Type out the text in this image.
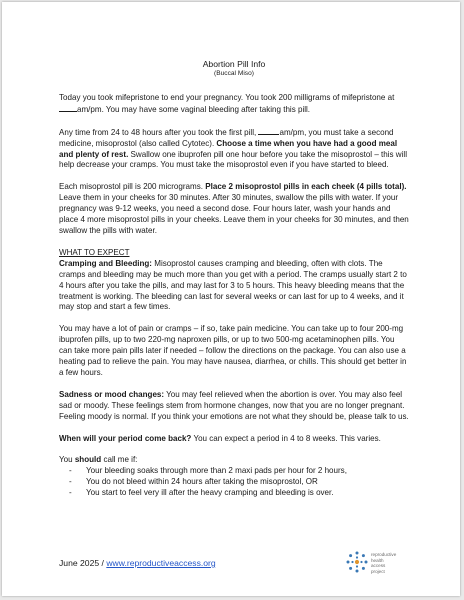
Abortion Pill Info
(Buccal Miso)

Today you took mifepristone to end your pregnancy. You took 200 milligrams of mifepristone at am/pm. You may have some vaginal bleeding after taking this pill.

Any time from 24 to 48 hours after you took the first pill,	am/pm, you must take a second medicine, misoprostol (also called Cytotec). Choose a time when you have had a good meal and plenty of rest. Swallow one ibuprofen pill one hour before you take the misoprostol – this will help decrease your cramps. You must take the misoprostol even if you have started to bleed.

Each misoprostol pill is 200 micrograms. Place 2 misoprostol pills in each cheek (4 pills total). Leave them in your cheeks for 30 minutes. After 30 minutes, swallow the pills with water. If your pregnancy was 9-12 weeks, you need a second dose. Four hours later, wash your hands and place 4 more misoprostol pills in your cheeks. Leave them in your cheeks for 30 minutes, and then swallow the pills with water.

WHAT TO EXPECT

Cramping and Bleeding: Misoprostol causes cramping and bleeding, often with clots. The cramps and bleeding may be much more than you get with a period. The cramps usually start 2 to 4 hours after you take the pills, and may last for 3 to 5 hours. This heavy bleeding means that the treatment is working. The bleeding can last for several weeks or can last for up to 4 weeks, and it may stop and start a few times.

You may have a lot of pain or cramps – if so, take pain medicine. You can take up to four 200-mg ibuprofen pills, up to two 220-mg naproxen pills, or up to two 500-mg acetaminophen pills. You can take more pain pills later if needed – follow the directions on the package. You can also use a heating pad to relieve the pain. You may have nausea, diarrhea, or chills. This should get better in a few hours.

Sadness or mood changes: You may feel relieved when the abortion is over. You may also feel sad or moody. These feelings stem from hormone changes, now that you are no longer pregnant. Feeling moody is normal. If you think your emotions are not what they should be, please talk to us.

When will your period come back? You can expect a period in 4 to 8 weeks. This varies.

You should call me if:
- Your bleeding soaks through more than 2 maxi pads per hour for 2 hours,
- You do not bleed within 24 hours after taking the misoprostol, OR
- You start to feel very ill after the heavy cramping and bleeding is over.
June 2025 / www.reproductiveaccess.org
reproductive
health
access
project
